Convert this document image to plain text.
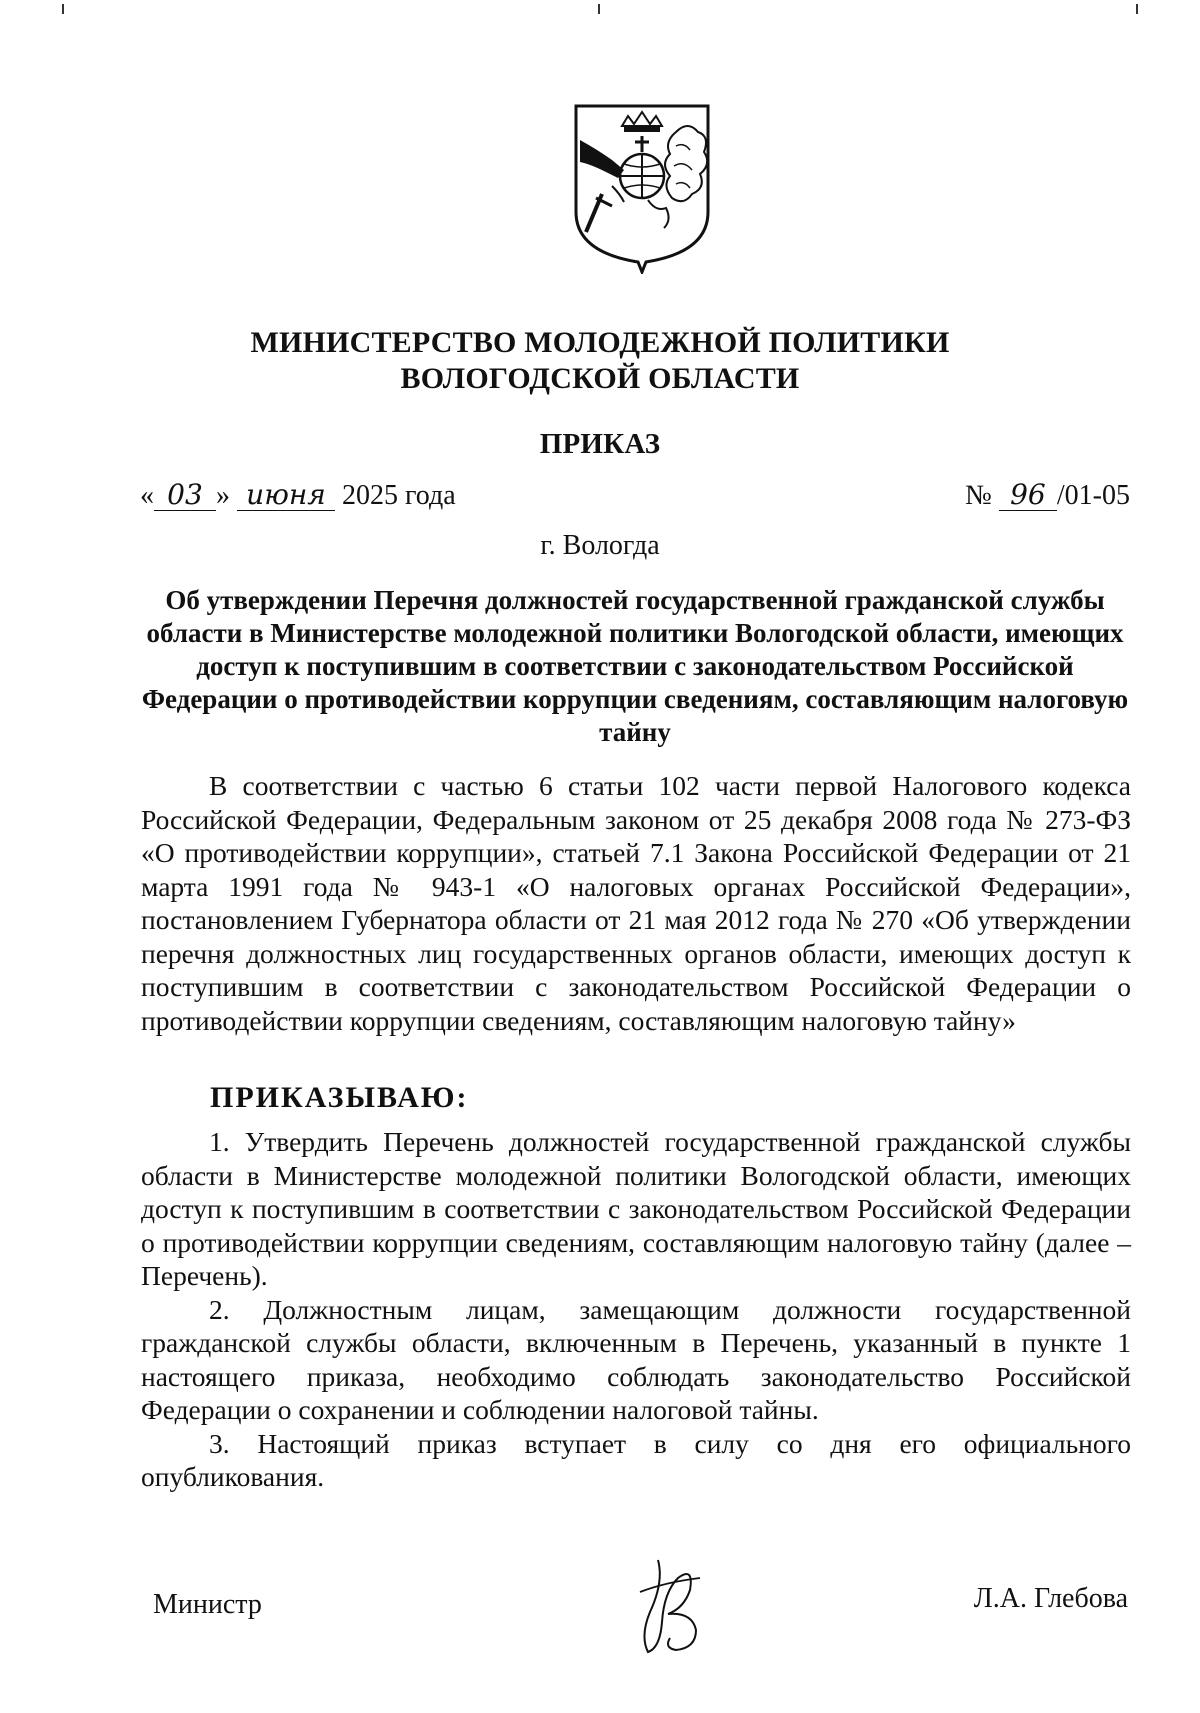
МИНИСТЕРСТВО МОЛОДЕЖНОЙ ПОЛИТИКИ
ВОЛОГОДСКОЙ ОБЛАСТИ
ПРИКАЗ
« 03 » июня 2025 года	№ 96 /01-05
г. Вологда
Об утверждении Перечня должностей государственной гражданской службы области в Министерстве молодежной политики Вологодской области, имеющих доступ к поступившим в соответствии с законодательством Российской Федерации о противодействии коррупции сведениям, составляющим налоговую тайну
В соответствии с частью 6 статьи 102 части первой Налогового кодекса Российской Федерации, Федеральным законом от 25 декабря 2008 года № 273-ФЗ «О противодействии коррупции», статьей 7.1 Закона Российской Федерации от 21 марта 1991 года № 943-1 «О налоговых органах Российской Федерации», постановлением Губернатора области от 21 мая 2012 года № 270 «Об утверждении перечня должностных лиц государственных органов области, имеющих доступ к поступившим в соответствии с законодательством Российской Федерации о противодействии коррупции сведениям, составляющим налоговую тайну»
ПРИКАЗЫВАЮ:

1. Утвердить Перечень должностей государственной гражданской службы области в Министерстве молодежной политики Вологодской области, имеющих доступ к поступившим в соответствии с законодательством Российской Федерации о противодействии коррупции сведениям, составляющим налоговую тайну (далее – Перечень).

2. Должностным лицам, замещающим должности государственной гражданской службы области, включенным в Перечень, указанный в пункте 1 настоящего приказа, необходимо соблюдать законодательство Российской Федерации о сохранении и соблюдении налоговой тайны.

3. Настоящий приказ вступает в силу со дня его официального опубликования.

Министр	Л.А. Глебова
